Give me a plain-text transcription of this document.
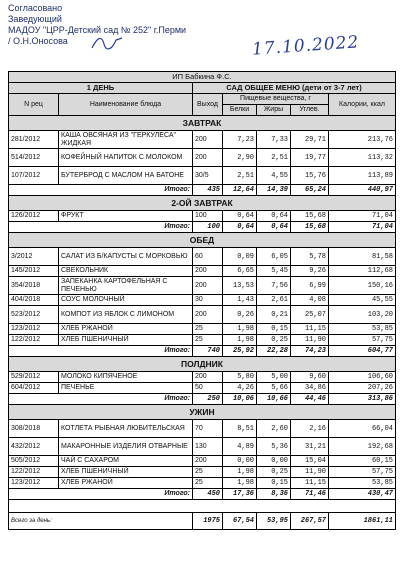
Согласовано
Заведующий
МАДОУ "ЦРР-Детский сад № 252" г.Перми
/ О.Н.Оносова	17.10.2022
ИП Бабкина Ф.С.						
1 ДЕНЬ		САД ОБЩЕЕ МЕНЮ (дети от 3-7 лет)				
N рец	Наименование блюда	Выход	Пищевые вещества, г			Калории, ккал
			Белки	Жиры	Углев.	
ЗАВТРАК						
281/2012	КАША ОВСЯНАЯ ИЗ "ГЕРКУЛЕСА" ЖИДКАЯ	200	7,23	7,33	29,71	213,76
514/2012	КОФЕЙНЫЙ НАПИТОК С МОЛОКОМ	200	2,90	2,51	19,77	113,32
107/2012	БУТЕРБРОД С МАСЛОМ НА БАТОНЕ	30/5	2,51	4,55	15,76	113,89
Итого:		435	12,64	14,39	65,24	440,97
2-ОЙ ЗАВТРАК						
126/2012	ФРУКТ	100	0,64	0,64	15,68	71,04
Итого:		100	0,64	0,64	15,68	71,04
ОБЕД						
3/2012	САЛАТ ИЗ Б/КАПУСТЫ С МОРКОВЬЮ	60	0,09	6,05	5,78	81,58
145/2012	СВЕКОЛЬНИК	200	6,65	5,45	9,26	112,68
354/2018	ЗАПЕКАНКА КАРТОФЕЛЬНАЯ С ПЕЧЕНЬЮ	200	13,53	7,56	6,99	150,16
404/2018	СОУС МОЛОЧНЫЙ	30	1,43	2,61	4,08	45,55
523/2012	КОМПОТ ИЗ ЯБЛОК С ЛИМОНОМ	200	0,26	0,21	25,07	103,20
123/2012	ХЛЕБ РЖАНОЙ	25	1,98	0,15	11,15	53,85
122/2012	ХЛЕБ ПШЕНИЧНЫЙ	25	1,98	0,25	11,90	57,75
Итого:		740	25,92	22,28	74,23	604,77
ПОЛДНИК						
529/2012	МОЛОКО КИПЯЧЕНОЕ	200	5,80	5,00	9,60	106,60
604/2012	ПЕЧЕНЬЕ	50	4,26	5,66	34,86	207,26
Итого:		250	10,06	10,66	44,46	313,86
УЖИН						
308/2018	КОТЛЕТА РЫБНАЯ ЛЮБИТЕЛЬСКАЯ	70	8,51	2,60	2,16	66,04
432/2012	МАКАРОННЫЕ ИЗДЕЛИЯ ОТВАРНЫЕ	130	4,89	5,36	31,21	192,68
505/2012	ЧАЙ С САХАРОМ	200	0,00	0,00	15,04	60,15
122/2012	ХЛЕБ ПШЕНИЧНЫЙ	25	1,98	0,25	11,90	57,75
123/2012	ХЛЕБ РЖАНОЙ	25	1,98	0,15	11,15	53,85
Итого:		450	17,36	8,36	71,46	430,47

Всего за день:		1975	67,54	53,95	267,57	1861,11
